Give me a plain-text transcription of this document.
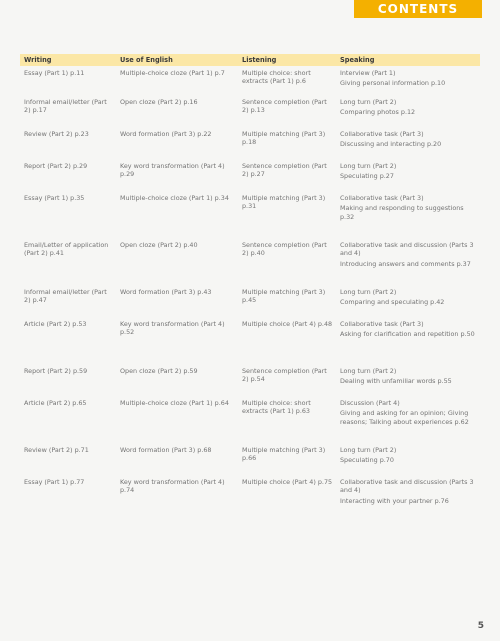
CONTENTS
Writing	Use of English	Listening	Speaking

Essay (Part 1) p.11	Multiple-choice cloze (Part 1) p.7	Multiple choice: short extracts (Part 1) p.6	Interview (Part 1)
Giving personal information p.10

Informal email/letter (Part 2) p.17	Open cloze (Part 2) p.16	Sentence completion (Part 2) p.13	Long turn (Part 2)
Comparing photos p.12

Review (Part 2) p.23	Word formation (Part 3) p.22	Multiple matching (Part 3) p.18	Collaborative task (Part 3)
Discussing and interacting p.20

Report (Part 2) p.29	Key word transformation (Part 4) p.29	Sentence completion (Part 2) p.27	Long turn (Part 2)
Speculating p.27

Essay (Part 1) p.35	Multiple-choice cloze (Part 1) p.34	Multiple matching (Part 3) p.31	Collaborative task (Part 3)
Making and responding to suggestions p.32

Email/Letter of application (Part 2) p.41	Open cloze (Part 2) p.40	Sentence completion (Part 2) p.40	Collaborative task and discussion (Parts 3 and 4)
Introducing answers and comments p.37

Informal email/letter (Part 2) p.47	Word formation (Part 3) p.43	Multiple matching (Part 3) p.45	Long turn (Part 2)
Comparing and speculating p.42

Article (Part 2) p.53	Key word transformation (Part 4) p.52	Multiple choice (Part 4) p.48	Collaborative task (Part 3)
Asking for clarification and repetition p.50

Report (Part 2) p.59	Open cloze (Part 2) p.59	Sentence completion (Part 2) p.54	Long turn (Part 2)
Dealing with unfamiliar words p.55

Article (Part 2) p.65	Multiple-choice cloze (Part 1) p.64	Multiple choice: short extracts (Part 1) p.63	Discussion (Part 4)
Giving and asking for an opinion; Giving reasons; Talking about experiences p.62

Review (Part 2) p.71	Word formation (Part 3) p.68	Multiple matching (Part 3) p.66	Long turn (Part 2)
Speculating p.70

Essay (Part 1) p.77	Key word transformation (Part 4) p.74	Multiple choice (Part 4) p.75	Collaborative task and discussion (Parts 3 and 4)
Interacting with your partner p.76
5
